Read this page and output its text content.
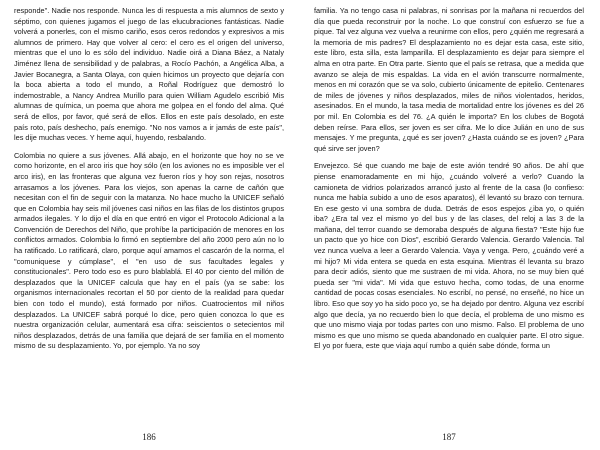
responde". Nadie nos responde. Nunca les di respuesta a mis alumnos de sexto y séptimo, con quienes jugamos el juego de las elucubraciones fantásticas. Nadie volverá a ponerles, con el mismo cariño, esos ceros redondos y expresivos a mis alumnos de primero. Hay que volver al cero: el cero es el origen del universo, mientras que el uno lo es sólo del individuo. Nadie oirá a Diana Báez, a Nataly Jiménez llena de sensibilidad y de palabras, a Rocío Pachón, a Angélica Alba, a Javier Bocanegra, a Santa Olaya, con quien hicimos un proyecto que dejaría con la boca abierta a todo el mundo, a Roñal Rodríguez que demostró lo indemostrable, a Nancy Andrea Murillo para quien William Agudelo escribió Mis alumnas de química, un poema que ahora me golpea en el fondo del alma. Qué será de ellos, por favor, qué será de ellos. Ellos en este país desolado, en este país roto, país deshecho, país enemigo. "No nos vamos a ir jamás de este país", les dije muchas veces. Y heme aquí, huyendo, resbalando.

Colombia no quiere a sus jóvenes. Allá abajo, en el horizonte que hoy no se ve como horizonte, en el arco iris que hoy sólo (en los aviones no es imposible ver el arco iris), en las fronteras que alguna vez fueron ríos y hoy son rejas, nosotros arrasamos a los jóvenes. Para los viejos, son apenas la carne de cañón que necesitan con el fin de seguir con la matanza. No hace mucho la UNICEF señaló que en Colombia hay seis mil jóvenes casi niños en las filas de los distintos grupos armados ilegales. Y lo dijo el día en que entró en vigor el Protocolo Adicional a la Convención de Derechos del Niño, que prohíbe la participación de menores en los conflictos armados. Colombia lo firmó en septiembre del año 2000 pero aún no lo ha ratificado. Lo ratificará, claro, porque aquí amamos el cascarón de la norma, el "comuniquese y cúmplase", el "en uso de sus facultades legales y constitucionales". Pero todo eso es puro blablablá. El 40 por ciento del millón de desplazados que la UNICEF calcula que hay en el país (ya se sabe: los organismos internacionales recortan el 50 por ciento de la realidad para quedar bien con todo el mundo), está formado por niños. Cuatrocientos mil niños desplazados. La UNICEF sabrá porqué lo dice, pero quien conozca lo que es nuestra organización celular, aumentará esa cifra: seiscientos o setecientos mil niños desplazados, detrás de una familia que dejará de ser familia en el momento mismo de su desplazamiento. Yo, por ejemplo. Ya no soy

186

familia. Ya no tengo casa ni palabras, ni sonrisas por la mañana ni recuerdos del día que pueda reconstruir por la noche. Lo que construí con esfuerzo se fue a pique. Tal vez alguna vez vuelva a reunirme con ellos, pero ¿quién me regresará a la memoria de mis padres? El desplazamiento no es dejar esta casa, este sitio, este libro, esta silla, esta lamparilla. El desplazamiento es dejar para siempre el alma en otra parte. En Otra parte. Siento que el país se retrasa, que a medida que avanzo se aleja de mis espaldas. La vida en el avión transcurre normalmente, menos en mi corazón que se va solo, cubierto únicamente de epitelio. Centenares de miles de jóvenes y niños desplazados, miles de niños violentados, heridos, asesinados. En el mundo, la tasa media de mortalidad entre los jóvenes es del 26 por mil. En Colombia es del 76. ¿A quién le importa? En los clubes de Bogotá deben reírse. Para ellos, ser joven es ser cifra. Me lo dice Julián en uno de sus mensajes. Y me pregunta, ¿qué es ser joven? ¿Hasta cuándo se es joven? ¿Para qué sirve ser joven?

Envejezco. Sé que cuando me baje de este avión tendré 90 años. De ahí que piense enamoradamente en mi hijo, ¿cuándo volveré a verlo? Cuando la camioneta de vidrios polarizados arrancó justo al frente de la casa (lo confieso: nunca me había subido a uno de esos aparatos), él levantó su brazo con ternura. En ese gesto vi una sombra de duda. Detrás de esos espejos ¿iba yo, o quién iba? ¿Era tal vez el mismo yo del bus y de las clases, del reloj a las 3 de la mañana, del terror cuando se demoraba después de alguna fiesta? "Este hijo fue un pacto que yo hice con Dios", escribió Gerardo Valencia. Gerardo Valencia. Tal vez nunca vuelva a leer a Gerardo Valencia. Vaya y venga. Pero, ¿cuándo veré a mi hijo? Mi vida entera se queda en esta esquina. Mientras él levanta su brazo para decir adiós, siento que me sustraen de mi vida. Ahora, no se muy bien qué pueda ser "mi vida". Mi vida que estuvo hecha, como todas, de una enorme cantidad de pocas cosas esenciales. No escribí, no pensé, no enseñé, no hice un libro. Eso que soy yo ha sido poco yo, se ha dejado por dentro. Alguna vez escribí algo que decía, ya no recuerdo bien lo que decía, el problema de uno mismo es que uno mismo viaja por todas partes con uno mismo. Falso. El problema de uno mismo es que uno mismo se queda abandonado en cualquier parte. El otro sigue. El yo por fuera, este que viaja aquí rumbo a quién sabe dónde, forma un

187
